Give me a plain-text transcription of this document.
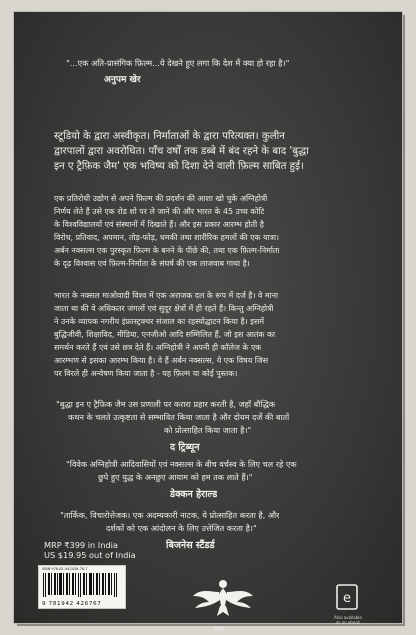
"...एक अति-प्रासंगिक फ़िल्म...ये देखने हुए लगा कि देश में क्या हो रहा है।"
अनुपम खेर
स्टूडियो के द्वारा अस्वीकृत। निर्माताओं के द्वारा परित्यक्त। कुलीन
द्वारपालों द्वारा अवरोधित। पाँच वर्षों तक डब्बे में बंद रहने के बाद 'बुद्धा
इन ए ट्रैफ़िक जैम' एक भविष्य को दिशा देने वाली फ़िल्म साबित हुई।
एक प्रतिरोधी उद्योग से अपने फ़िल्म की प्रदर्शन की आशा खो चुके अग्निहोत्री
निर्णय लेते हैं उसे एक रोड शो पर ले जाने की और भारत के 45 उच्च कोटि
के विश्वविद्यालयों एवं संस्थानों में दिखाते हैं। और इस प्रकार आरम्भ होती है
विरोध, प्रतिवाद, अपमान, तोड़-फोड़, धमकी तथा शारीरिक हमलों की एक यात्रा।
अर्बन नक्सल्स एक पुरस्कृत फ़िल्म के बनने के पीछे की, तथा एक फ़िल्म-निर्माता
के दृढ़ विश्वास एवं फ़िल्म-निर्माता के संघर्ष की एक लाजवाब गाथा है।
भारत के नक्सल माओवादी विश्व में एक अराजक दल के रूप में दर्ज है। वे माना
जाता था की वे अधिकतर जंगलों एवं सुदूर क्षेत्रों में ही रहते हैं। किन्तु अग्निहोत्री
ने उनके व्यापक नगरीय इंफ्रास्ट्रक्चर संजाल का रहस्योद्घाटन किया है। इसमें
बुद्धिजीवी, शिक्षाविद, मीडिया, एनजीओ आदि सम्मिलित हैं, जो इस आतंक का
समर्थन करते हैं एवं उसे छत्र देते हैं। अग्निहोत्री ने अपनी ही कॉलेज के एक
आरम्भण से इसका आरम्भ किया है। वे हैं अर्बन नक्सल्स, ये एक विषय जिस
पर विरले ही अन्वेषण किया जाता है - यह फ़िल्म या कोई पुस्तक।
"बुद्धा इन ए ट्रैफ़िक जैम उस प्रणाली पर करारा प्रहार करती है, जहाँ बौद्धिक
कथन के चलते उत्कृष्टता से सम्भावित किया जाता है और दोयम दर्जे की बातों
को प्रोत्साहित किया जाता है।"
द ट्रिब्यून
"विवेक अग्निहोत्री आदिवासियों एवं नक्सल्स के बीच वर्चस्व के लिए चल रहे एक
छुपे हुए युद्ध के अनछुए आयाम को हम तक लाते हैं।"
डेक्कन हेराल्ड
"तार्किक, विचारोत्तेजक। एक अदम्यकारी नाटक, ये प्रोत्साहित करता है, और
दर्शकों को एक आंदोलन के लिए उत्तेजित करता है।"
बिजनेस स्टैंडर्ड
MRP ₹399 in India
US $19.95 out of India
ISBN 978-81-942426-76-7
9 781942 426767
गरुड़
e
Also available
as an ebook
